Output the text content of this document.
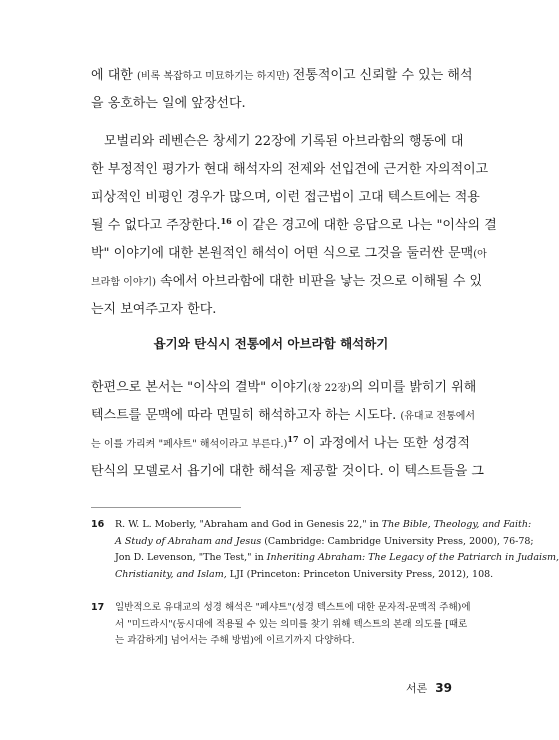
에 대한 (비록 복잡하고 미묘하기는 하지만) 전통적이고 신뢰할 수 있는 해석
을 옹호하는 일에 앞장선다.
모벌리와 레벤슨은 창세기 22장에 기록된 아브라함의 행동에 대
한 부정적인 평가가 현대 해석자의 전제와 선입견에 근거한 자의적이고
피상적인 비평인 경우가 많으며, 이런 접근법이 고대 텍스트에는 적용
될 수 없다고 주장한다.$^{16}$ 이 같은 경고에 대한 응답으로 나는 "이삭의 결
박" 이야기에 대한 본원적인 해석이 어떤 식으로 그것을 둘러싼 문맥(아
브라함 이야기) 속에서 아브라함에 대한 비판을 낳는 것으로 이해될 수 있
는지 보여주고자 한다.
욥기와 탄식시 전통에서 아브라함 해석하기
한편으로 본서는 "이삭의 결박" 이야기(창 22장)의 의미를 밝히기 위해
텍스트를 문맥에 따라 면밀히 해석하고자 하는 시도다. (유대교 전통에서
는 이를 가리켜 "페샤트" 해석이라고 부른다.)$^{17}$ 이 과정에서 나는 또한 성경적
탄식의 모델로서 욥기에 대한 해석을 제공할 것이다. 이 텍스트들을 그
16 R. W. L. Moberly, "Abraham and God in Genesis 22," in The Bible, Theology, and Faith:
A Study of Abraham and Jesus (Cambridge: Cambridge University Press, 2000), 76-78;
Jon D. Levenson, "The Test," in Inheriting Abraham: The Legacy of the Patriarch in Judaism,
Christianity, and Islam, LJI (Princeton: Princeton University Press, 2012), 108.
17 일반적으로 유대교의 성경 해석은 "페샤트"(성경 텍스트에 대한 문자적-문맥적 주해)에
서 "미드라시"(동시대에 적용될 수 있는 의미를 찾기 위해 텍스트의 본래 의도를 [때로
는 과감하게] 넘어서는 주해 방법)에 이르기까지 다양하다.
서론 39
